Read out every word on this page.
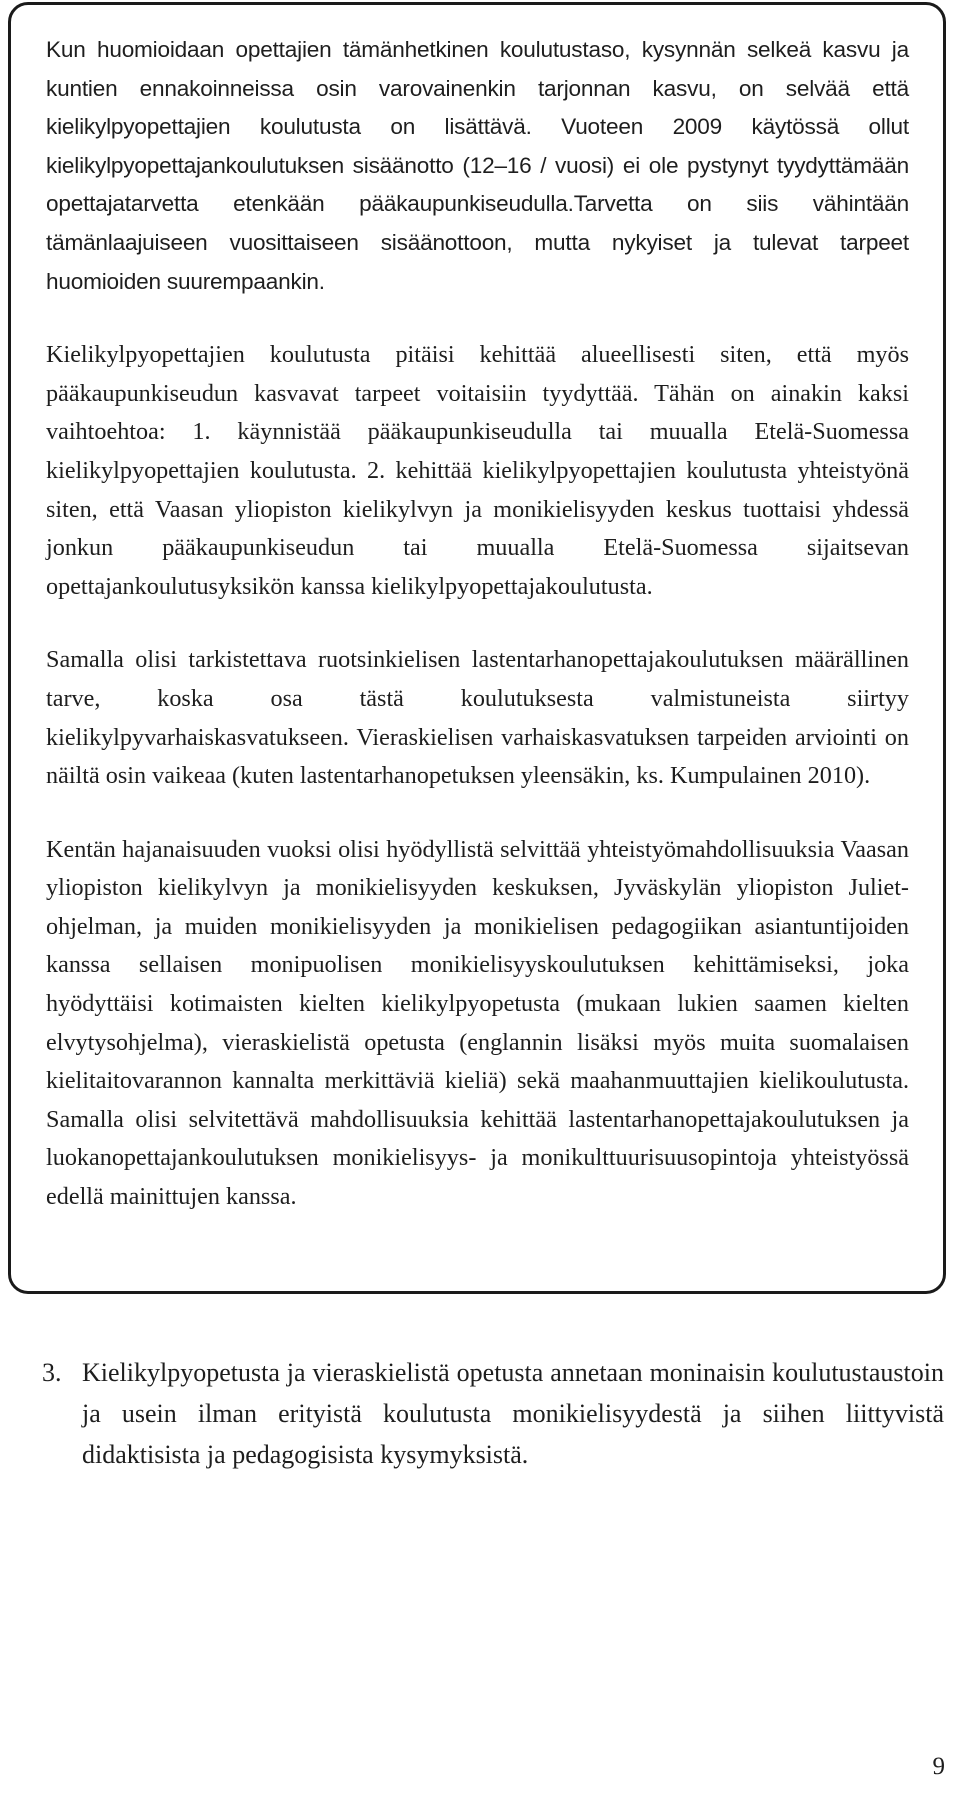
Kun huomioidaan opettajien tämänhetkinen koulutustaso, kysynnän selkeä kasvu ja kuntien ennakoinneissa osin varovainenkin tarjonnan kasvu, on selvää että kielikylpyopettajien koulutusta on lisättävä. Vuoteen 2009 käytössä ollut kielikylpyopettajankoulutuksen sisäänotto (12–16 / vuosi) ei ole pystynyt tyydyttämään opettajatarvetta etenkään pääkaupunkiseudulla.Tarvetta on siis vähintään tämänlaajuiseen vuosittaiseen sisäänottoon, mutta nykyiset ja tulevat tarpeet huomioiden suurempaankin.

Kielikylpyopettajien koulutusta pitäisi kehittää alueellisesti siten, että myös pääkaupunkiseudun kasvavat tarpeet voitaisiin tyydyttää. Tähän on ainakin kaksi vaihtoehtoa: 1. käynnistää pääkaupunkiseudulla tai muualla Etelä-Suomessa kielikylpyopettajien koulutusta. 2. kehittää kielikylpyopettajien koulutusta yhteistyönä siten, että Vaasan yliopiston kielikylvyn ja monikielisyyden keskus tuottaisi yhdessä jonkun pääkaupunkiseudun tai muualla Etelä-Suomessa sijaitsevan opettajankoulutusyksikön kanssa kielikylpyopettajakoulutusta.

Samalla olisi tarkistettava ruotsinkielisen lastentarhanopettajakoulutuksen määrällinen tarve, koska osa tästä koulutuksesta valmistuneista siirtyy kielikylpyvarhaiskasvatukseen. Vieraskielisen varhaiskasvatuksen tarpeiden arviointi on näiltä osin vaikeaa (kuten lastentarhanopetuksen yleensäkin, ks. Kumpulainen 2010).

Kentän hajanaisuuden vuoksi olisi hyödyllistä selvittää yhteistyömahdollisuuksia Vaasan yliopiston kielikylvyn ja monikielisyyden keskuksen, Jyväskylän yliopiston Juliet-ohjelman, ja muiden monikielisyyden ja monikielisen pedagogiikan asiantuntijoiden kanssa sellaisen monipuolisen monikielisyyskoulutuksen kehittämiseksi, joka hyödyttäisi kotimaisten kielten kielikylpyopetusta (mukaan lukien saamen kielten elvytysohjelma), vieraskielistä opetusta (englannin lisäksi myös muita suomalaisen kielitaitovarannon kannalta merkittäviä kieliä) sekä maahanmuuttajien kielikoulutusta. Samalla olisi selvitettävä mahdollisuuksia kehittää lastentarhanopettajakoulutuksen ja luokanopettajankoulutuksen monikielisyys- ja monikulttuurisuusopintoja yhteistyössä edellä mainittujen kanssa.

3. Kielikylpyopetusta ja vieraskielistä opetusta annetaan moninaisin koulutustaustoin ja usein ilman erityistä koulutusta monikielisyydestä ja siihen liittyvistä didaktisista ja pedagogisista kysymyksistä.
9
